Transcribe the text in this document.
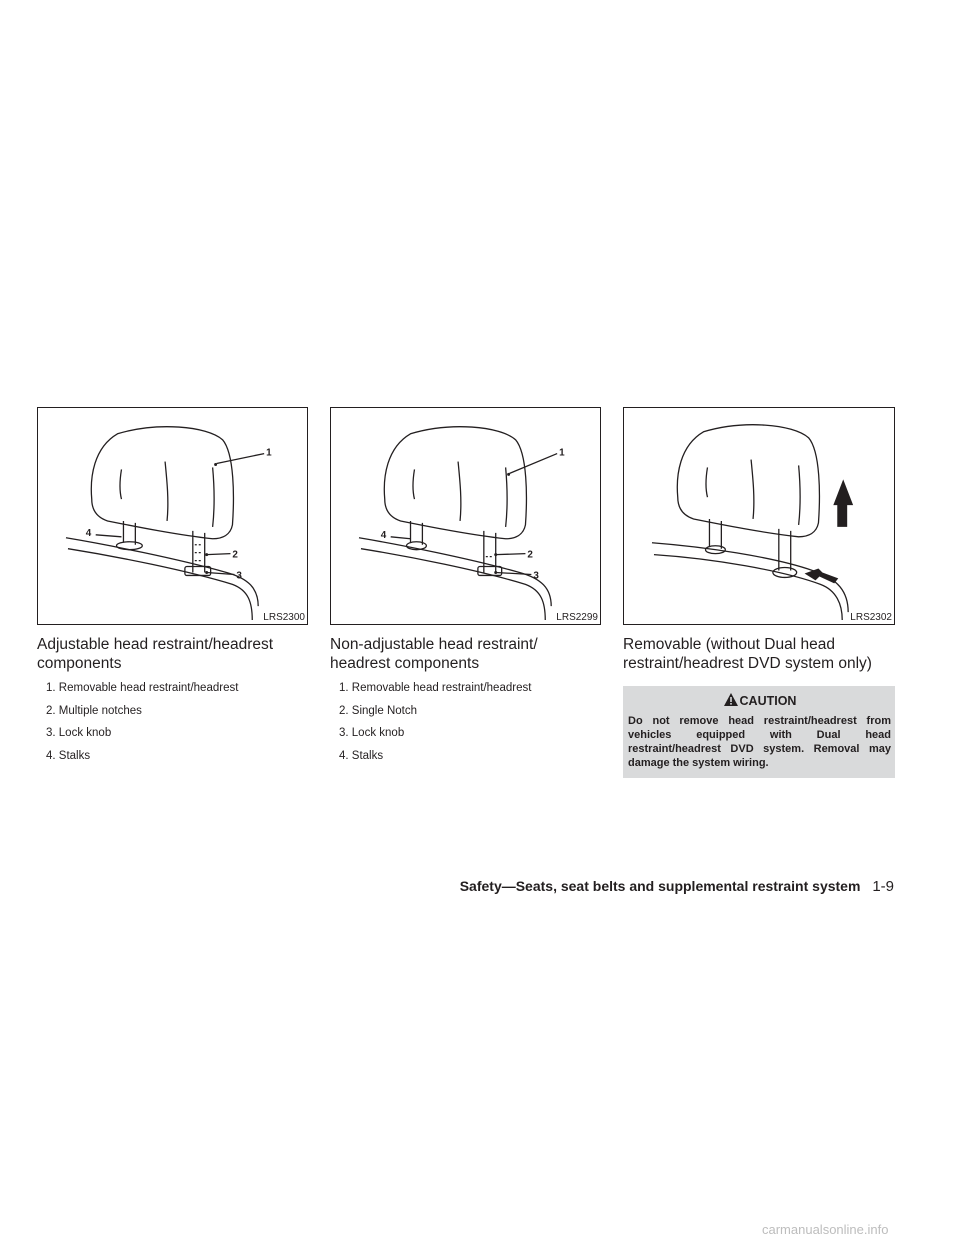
1
4
2
3
LRS2300
Adjustable head restraint/headrest components
1. Removable head restraint/headrest
2. Multiple notches
3. Lock knob
4. Stalks
1
4
2
3
LRS2299
Non-adjustable head restraint/ headrest components
1. Removable head restraint/headrest
2. Single Notch
3. Lock knob
4. Stalks
LRS2302
Removable (without Dual head restraint/headrest DVD system only)
CAUTION
Do not remove head restraint/headrest from vehicles equipped with Dual head restraint/headrest DVD system. Removal may damage the system wiring.
Safety—Seats, seat belts and supplemental restraint system 1-9
carmanualsonline.info
